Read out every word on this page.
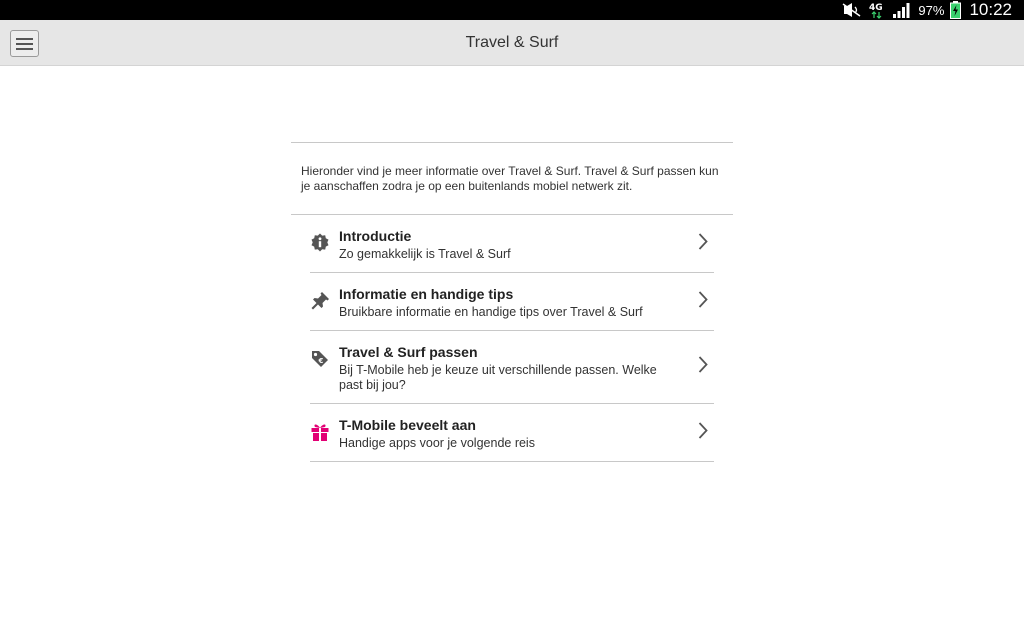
4G	97% 10:22
Travel & Surf

Hieronder vind je meer informatie over Travel & Surf. Travel & Surf passen kun je aanschaffen zodra je op een buitenlands mobiel netwerk zit.

Introductie
Zo gemakkelijk is Travel & Surf
Informatie en handige tips
Bruikbare informatie en handige tips over Travel & Surf
€
Travel & Surf passen
Bij T-Mobile heb je keuze uit verschillende passen. Welke past bij jou?
T-Mobile beveelt aan
Handige apps voor je volgende reis
